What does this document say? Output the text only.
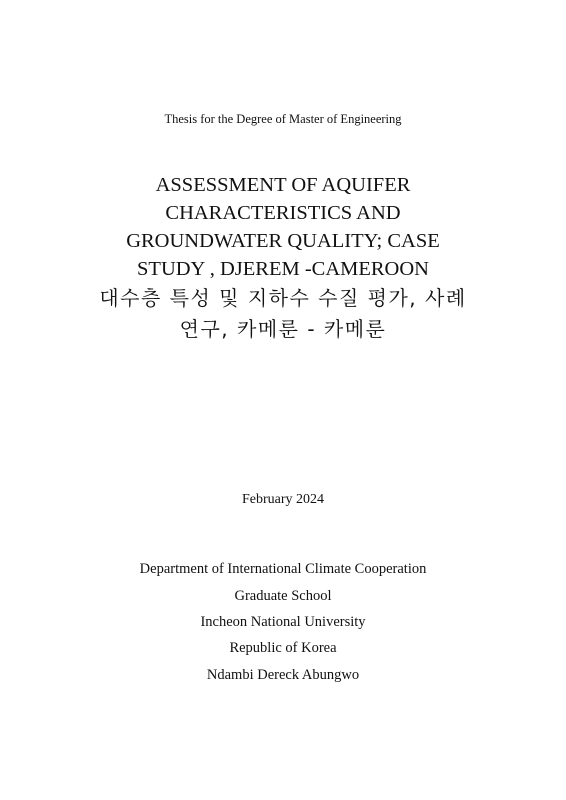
Thesis for the Degree of Master of Engineering
ASSESSMENT OF AQUIFER
CHARACTERISTICS AND
GROUNDWATER QUALITY; CASE
STUDY , DJEREM -CAMEROON
대수층 특성 및 지하수 수질 평가, 사례
연구, 카메룬 - 카메룬
February 2024
Department of International Climate Cooperation
Graduate School
Incheon National University
Republic of Korea
Ndambi Dereck Abungwo
